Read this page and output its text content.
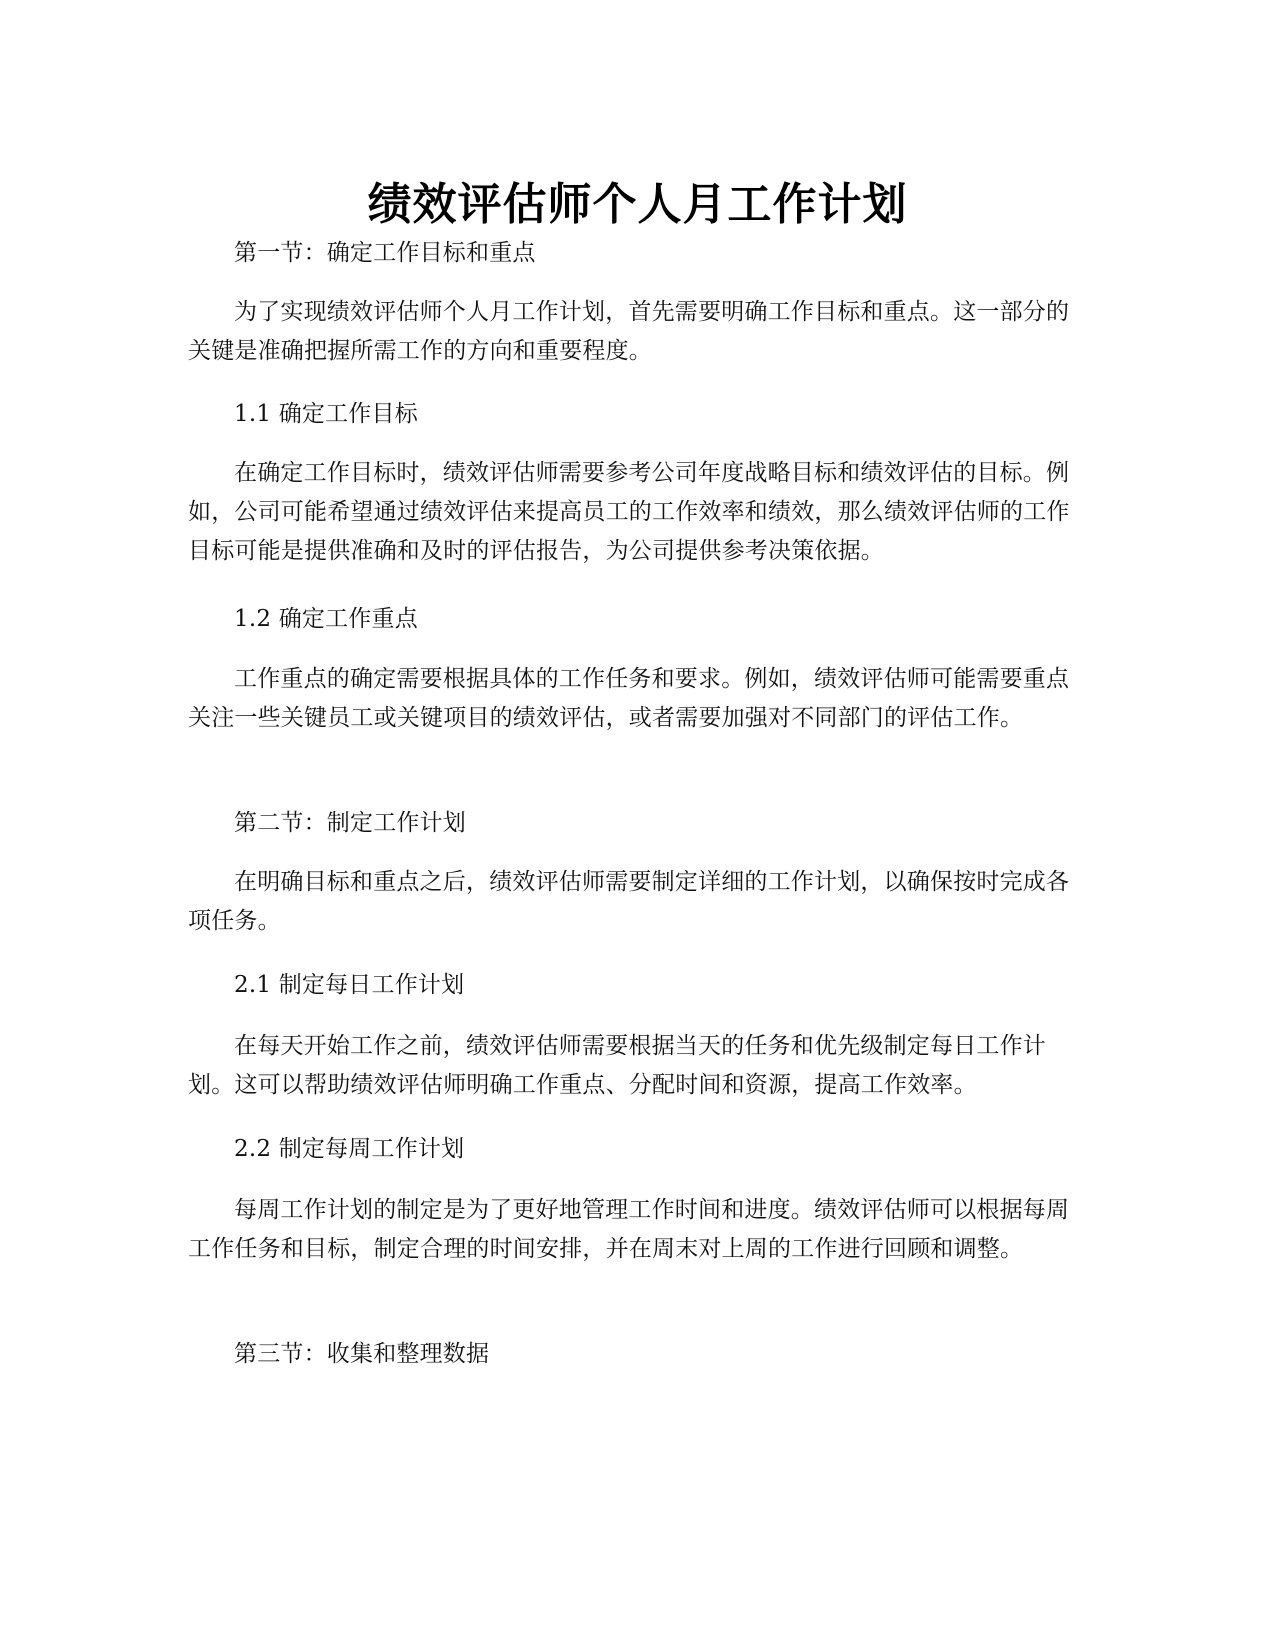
绩效评估师个人月工作计划

第一节：确定工作目标和重点

为了实现绩效评估师个人月工作计划，首先需要明确工作目标和重点。这一部分的关键是准确把握所需工作的方向和重要程度。

1.1 确定工作目标

在确定工作目标时，绩效评估师需要参考公司年度战略目标和绩效评估的目标。例如，公司可能希望通过绩效评估来提高员工的工作效率和绩效，那么绩效评估师的工作目标可能是提供准确和及时的评估报告，为公司提供参考决策依据。

1.2 确定工作重点

工作重点的确定需要根据具体的工作任务和要求。例如，绩效评估师可能需要重点关注一些关键员工或关键项目的绩效评估，或者需要加强对不同部门的评估工作。

第二节：制定工作计划

在明确目标和重点之后，绩效评估师需要制定详细的工作计划，以确保按时完成各项任务。

2.1 制定每日工作计划

在每天开始工作之前，绩效评估师需要根据当天的任务和优先级制定每日工作计划。这可以帮助绩效评估师明确工作重点、分配时间和资源，提高工作效率。

2.2 制定每周工作计划

每周工作计划的制定是为了更好地管理工作时间和进度。绩效评估师可以根据每周工作任务和目标，制定合理的时间安排，并在周末对上周的工作进行回顾和调整。

第三节：收集和整理数据
